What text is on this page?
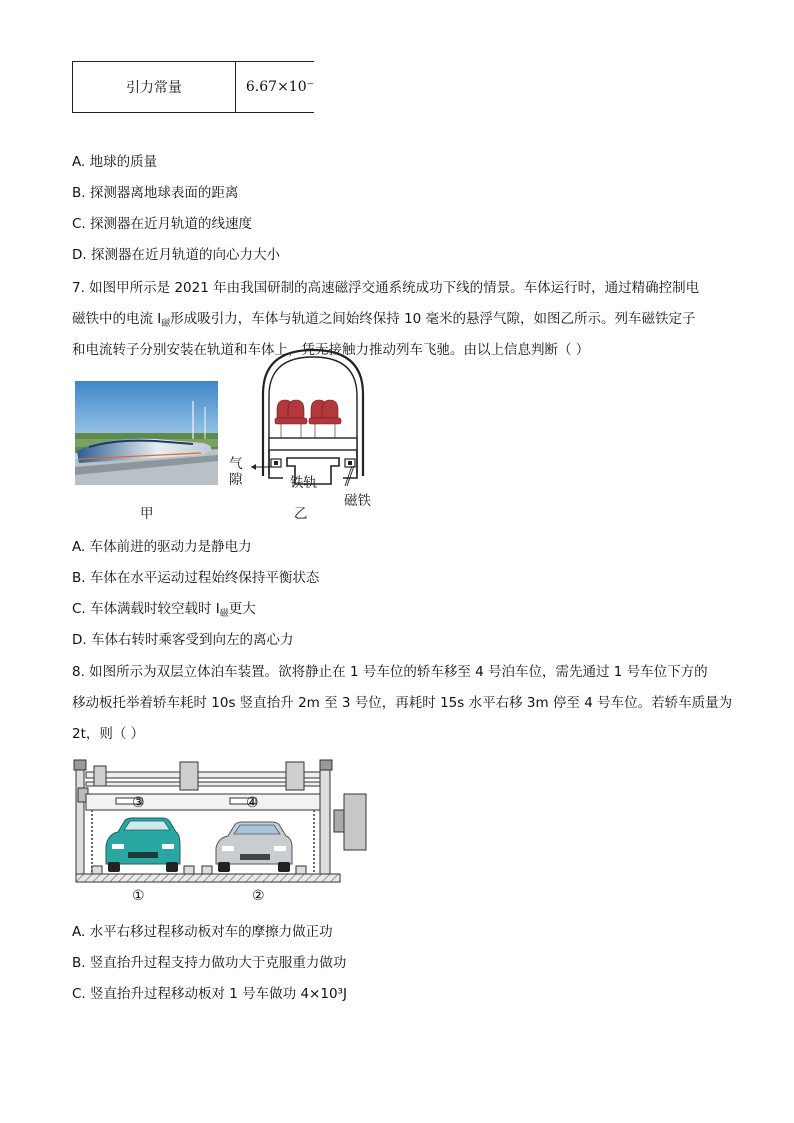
引力常量	6.67×10⁻
A. 地球的质量
B. 探测器离地球表面的距离
C. 探测器在近月轨道的线速度
D. 探测器在近月轨道的向心力大小
7. 如图甲所示是 2021 年由我国研制的高速磁浮交通系统成功下线的情景。车体运行时，通过精确控制电
磁铁中的电流 $I_磁$形成吸引力，车体与轨道之间始终保持 10 毫米的悬浮气隙，如图乙所示。列车磁铁定子
和电流转子分别安装在轨道和车体上，凭无接触力推动列车飞驰。由以上信息判断（ ）
甲
气
隙	铁轨
磁铁
乙
A. 车体前进的驱动力是静电力
B. 车体在水平运动过程始终保持平衡状态
C. 车体满载时较空载时 $I_磁$更大
D. 车体右转时乘客受到向左的离心力
8. 如图所示为双层立体泊车装置。欲将静止在 1 号车位的轿车移至 4 号泊车位，需先通过 1 号车位下方的
移动板托举着轿车耗时 10s 竖直抬升 2m 至 3 号位，再耗时 15s 水平右移 3m 停至 4 号车位。若轿车质量为
2t，则（ ）
③	④
①	②
A. 水平右移过程移动板对车的摩擦力做正功
B. 竖直抬升过程支持力做功大于克服重力做功
C. 竖直抬升过程移动板对 1 号车做功 4×10³J
